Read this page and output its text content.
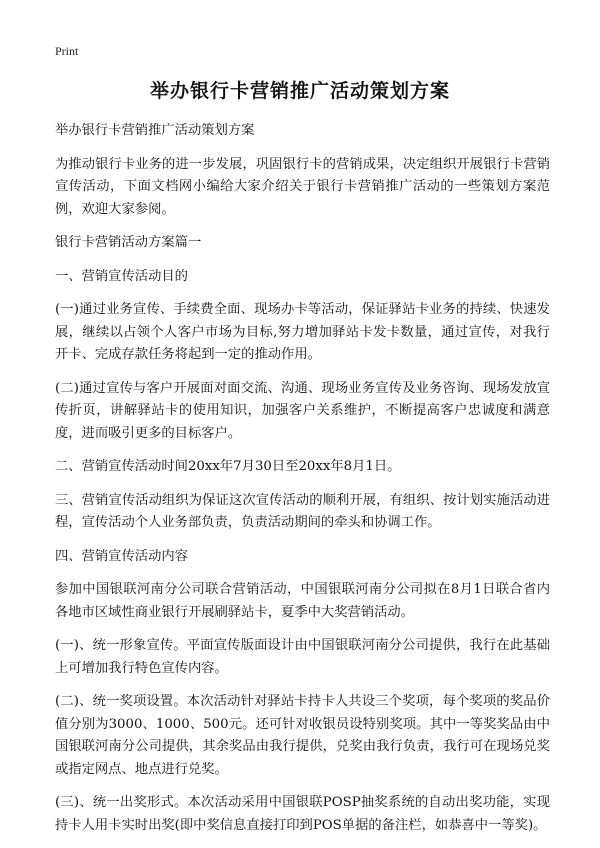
Print
举办银行卡营销推广活动策划方案

举办银行卡营销推广活动策划方案

为推动银行卡业务的进一步发展，巩固银行卡的营销成果，决定组织开展银行卡营销宣传活动，下面文档网小编给大家介绍关于银行卡营销推广活动的一些策划方案范例，欢迎大家参阅。

银行卡营销活动方案篇一

一、营销宣传活动目的

(一)通过业务宣传、手续费全面、现场办卡等活动，保证驿站卡业务的持续、快速发展，继续以占领个人客户市场为目标,努力增加驿站卡发卡数量，通过宣传，对我行开卡、完成存款任务将起到一定的推动作用。

(二)通过宣传与客户开展面对面交流、沟通、现场业务宣传及业务咨询、现场发放宣传折页，讲解驿站卡的使用知识，加强客户关系维护，不断提高客户忠诚度和满意度，进而吸引更多的目标客户。

二、营销宣传活动时间20xx年7月30日至20xx年8月1日。

三、营销宣传活动组织为保证这次宣传活动的顺利开展，有组织、按计划实施活动进程，宣传活动个人业务部负责，负责活动期间的牵头和协调工作。

四、营销宣传活动内容

参加中国银联河南分公司联合营销活动，中国银联河南分公司拟在8月1日联合省内各地市区域性商业银行开展刷驿站卡，夏季中大奖营销活动。

(一)、统一形象宣传。平面宣传版面设计由中国银联河南分公司提供，我行在此基础上可增加我行特色宣传内容。

(二)、统一奖项设置。本次活动针对驿站卡持卡人共设三个奖项，每个奖项的奖品价值分别为3000、1000、500元。还可针对收银员设特别奖项。其中一等奖奖品由中国银联河南分公司提供，其余奖品由我行提供，兑奖由我行负责，我行可在现场兑奖或指定网点、地点进行兑奖。

(三)、统一出奖形式。本次活动采用中国银联POSP抽奖系统的自动出奖功能，实现持卡人用卡实时出奖(即中奖信息直接打印到POS单据的备注栏，如恭喜中一等奖)。
